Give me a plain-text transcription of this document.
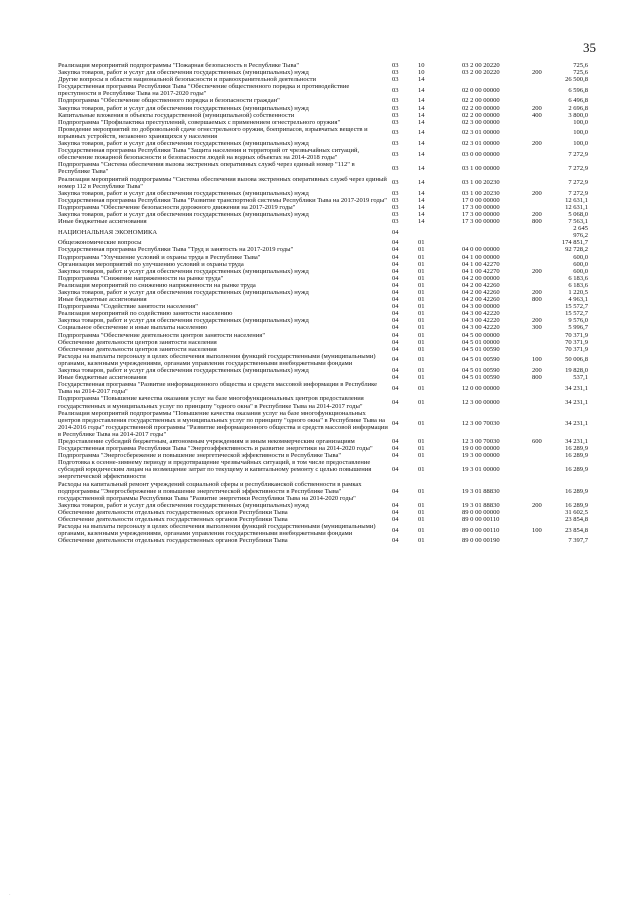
35
Реализация мероприятий подпрограммы "Пожарная безопасность в Республике Тыва"	03	10	03 2 00 20220		725,6
Закупка товаров, работ и услуг для обеспечения государственных (муниципальных) нужд	03	10	03 2 00 20220	200	725,6
Другие вопросы в области национальной безопасности и правоохранительной деятельности	03	14			26 500,8
Государственная программа Республики Тыва "Обеспечение общественного порядка и противодействие преступности в Республике Тыва на 2017-2020 годы"	03	14	02 0 00 00000		6 596,8
Подпрограмма "Обеспечение общественного порядка и безопасности граждан"	03	14	02 2 00 00000		6 496,8
Закупка товаров, работ и услуг для обеспечения государственных (муниципальных) нужд	03	14	02 2 00 00000	200	2 696,8
Капитальные вложения в объекты государственной (муниципальной) собственности	03	14	02 2 00 00000	400	3 800,0
Подпрограмма "Профилактика преступлений, совершаемых с применением огнестрельного оружия"	03	14	02 3 00 00000		100,0
Проведение мероприятий по добровольной сдаче огнестрельного оружия, боеприпасов, взрывчатых веществ и взрывных устройств, незаконно хранящихся у населения	03	14	02 3 01 00000		100,0
Закупка товаров, работ и услуг для обеспечения государственных (муниципальных) нужд	03	14	02 3 01 00000	200	100,0
Государственная программа Республики Тыва "Защита населения и территорий от чрезвычайных ситуаций, обеспечение пожарной безопасности и безопасности людей на водных объектах на 2014-2018 годы"	03	14	03 0 00 00000		7 272,9
Подпрограмма "Система обеспечения вызова экстренных оперативных служб через единый номер "112" в Республике Тыва"	03	14	03 1 00 00000		7 272,9
Реализация мероприятий подпрограммы "Система обеспечения вызова экстренных оперативных служб через единый номер 112 в Республике Тыва"	03	14	03 1 00 20230		7 272,9
Закупка товаров, работ и услуг для обеспечения государственных (муниципальных) нужд	03	14	03 1 00 20230	200	7 272,9
Государственная программа Республики Тыва "Развитие транспортной системы Республики Тыва на 2017-2019 годы"	03	14	17 0 00 00000		12 631,1
Подпрограмма "Обеспечение безопасности дорожного движения на 2017-2019 годы"	03	14	17 3 00 00000		12 631,1
Закупка товаров, работ и услуг для обеспечения государственных (муниципальных) нужд	03	14	17 3 00 00000	200	5 068,0
Иные бюджетные ассигнования	03	14	17 3 00 00000	800	7 563,1
НАЦИОНАЛЬНАЯ ЭКОНОМИКА	04				2 645 976,2
Общеэкономические вопросы	04	01			174 851,7
Государственная программа Республики Тыва "Труд и занятость на 2017-2019 годы"	04	01	04 0 00 00000		92 728,2
Подпрограмма "Улучшение условий и охраны труда в Республике Тыва"	04	01	04 1 00 00000		600,0
Организация мероприятий по улучшению условий и охраны труда	04	01	04 1 00 42270		600,0
Закупка товаров, работ и услуг для обеспечения государственных (муниципальных) нужд	04	01	04 1 00 42270	200	600,0
Подпрограмма "Снижение напряженности на рынке труда"	04	01	04 2 00 00000		6 183,6
Реализация мероприятий по снижению напряженности на рынке труда	04	01	04 2 00 42260		6 183,6
Закупка товаров, работ и услуг для обеспечения государственных (муниципальных) нужд	04	01	04 2 00 42260	200	1 220,5
Иные бюджетные ассигнования	04	01	04 2 00 42260	800	4 963,1
Подпрограмма "Содействие занятости населения"	04	01	04 3 00 00000		15 572,7
Реализация мероприятий по содействию занятости населению	04	01	04 3 00 42220		15 572,7
Закупка товаров, работ и услуг для обеспечения государственных (муниципальных) нужд	04	01	04 3 00 42220	200	9 576,0
Социальное обеспечение и иные выплаты населению	04	01	04 3 00 42220	300	5 996,7
Подпрограмма "Обеспечение деятельности центров занятости населения"	04	01	04 5 00 00000		70 371,9
Обеспечение деятельности центров занятости населения	04	01	04 5 01 00000		70 371,9
Обеспечение деятельности центров занятости населения	04	01	04 5 01 00590		70 371,9
Расходы на выплаты персоналу в целях обеспечения выполнения функций государственными (муниципальными) органами, казенными учреждениями, органами управления государственными внебюджетными фондами	04	01	04 5 01 00590	100	50 006,8
Закупка товаров, работ и услуг для обеспечения государственных (муниципальных) нужд	04	01	04 5 01 00590	200	19 828,0
Иные бюджетные ассигнования	04	01	04 5 01 00590	800	537,1
Государственная программа "Развитие информационного общества и средств массовой информации в Республике Тыва на 2014-2017 годы"	04	01	12 0 00 00000		34 231,1
Подпрограмма "Повышение качества оказания услуг на базе многофункциональных центров предоставления государственных и муниципальных услуг по принципу "одного окна" в Республике Тыва на 2014-2017 годы"	04	01	12 3 00 00000		34 231,1
Реализация мероприятий подпрограммы "Повышение качества оказания услуг на базе многофункциональных центров предоставления государственных и муниципальных услуг по принципу "одного окна" в Республике Тыва на 2014-2016 годы" государственной программы "Развитие информационного общества и средств массовой информации в Республике Тыва на 2014-2017 годы"	04	01	12 3 00 70030		34 231,1
Предоставление субсидий бюджетным, автономным учреждениям и иным некоммерческим организациям	04	01	12 3 00 70030	600	34 231,1
Государственная программа Республики Тыва "Энергоэффективность и развитие энергетики на 2014-2020 годы"	04	01	19 0 00 00000		16 289,9
Подпрограмма "Энергосбережение и повышение энергетической эффективности в Республике Тыва"	04	01	19 3 00 00000		16 289,9
Подготовка к осенне-зимнему периоду и предотвращение чрезвычайных ситуаций, в том числе предоставление субсидий юридическим лицам на возмещение затрат по текущему и капитальному ремонту с целью повышения энергетической эффективности	04	01	19 3 01 00000		16 289,9
Расходы на капитальный ремонт учреждений социальной сферы и республиканской собственности в рамках подпрограммы "Энергосбережение и повышение энергетической эффективности в Республике Тыва" государственной программы Республики Тыва "Развитие энергетики Республики Тыва на 2014-2020 годы"	04	01	19 3 01 88830		16 289,9
Закупка товаров, работ и услуг для обеспечения государственных (муниципальных) нужд	04	01	19 3 01 88830	200	16 289,9
Обеспечение деятельности отдельных государственных органов Республики Тыва	04	01	89 0 00 00000		31 602,5
Обеспечение деятельности отдельных государственных органов Республики Тыва	04	01	89 0 00 00110		23 854,8
Расходы на выплаты персоналу в целях обеспечения выполнения функций государственными (муниципальными) органами, казенными учреждениями, органами управления государственными внебюджетными фондами	04	01	89 0 00 00110	100	23 854,8
Обеспечение деятельности отдельных государственных органов Республики Тыва	04	01	89 0 00 00190		7 397,7
·
